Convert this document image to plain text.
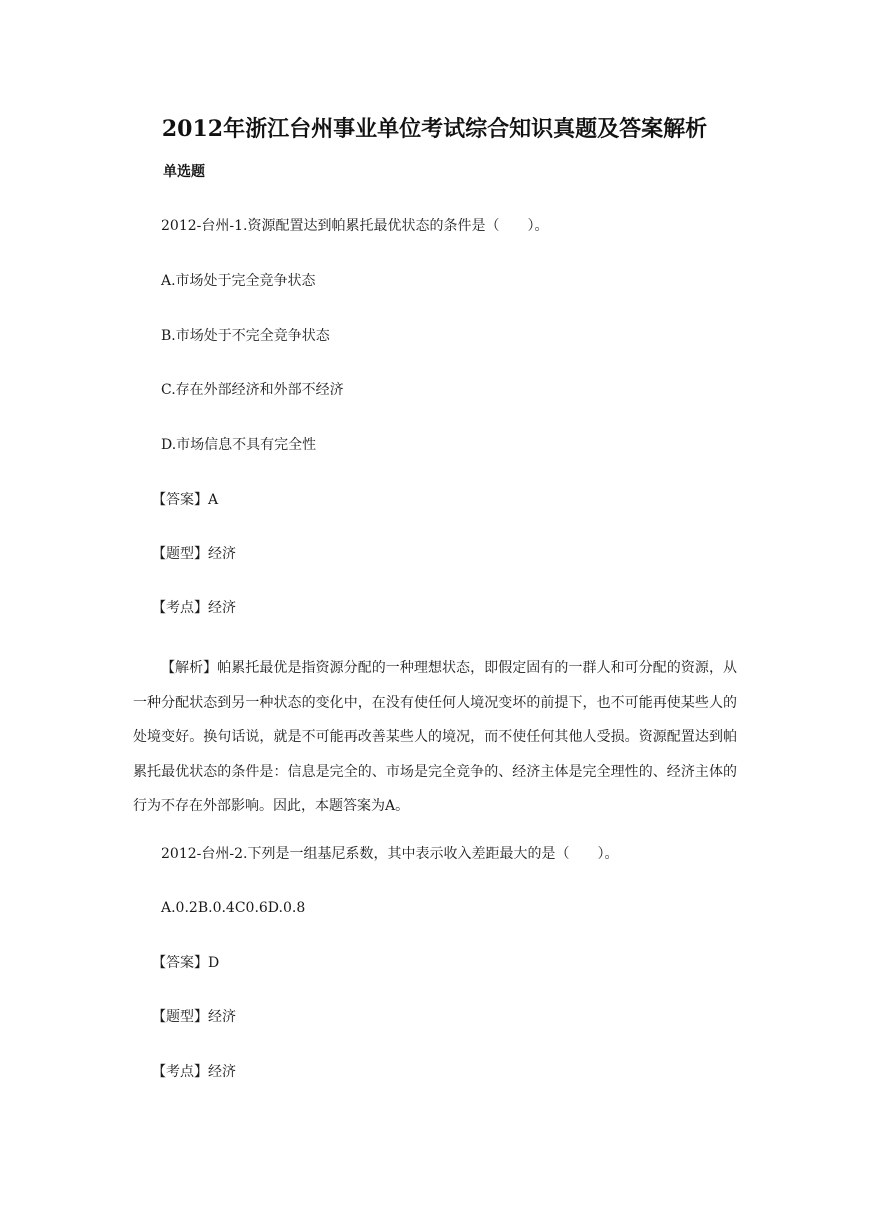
2012年浙江台州事业单位考试综合知识真题及答案解析
单选题
2012-台州-1.资源配置达到帕累托最优状态的条件是（　　）。
A.市场处于完全竞争状态
B.市场处于不完全竞争状态
C.存在外部经济和外部不经济
D.市场信息不具有完全性
【答案】A
【题型】经济
【考点】经济
【解析】帕累托最优是指资源分配的一种理想状态，即假定固有的一群人和可分配的资源，从一种分配状态到另一种状态的变化中，在没有使任何人境况变坏的前提下，也不可能再使某些人的处境变好。换句话说，就是不可能再改善某些人的境况，而不使任何其他人受损。资源配置达到帕累托最优状态的条件是：信息是完全的、市场是完全竞争的、经济主体是完全理性的、经济主体的行为不存在外部影响。因此，本题答案为A。
2012-台州-2.下列是一组基尼系数，其中表示收入差距最大的是（　　）。
A.0.2B.0.4C0.6D.0.8
【答案】D
【题型】经济
【考点】经济
